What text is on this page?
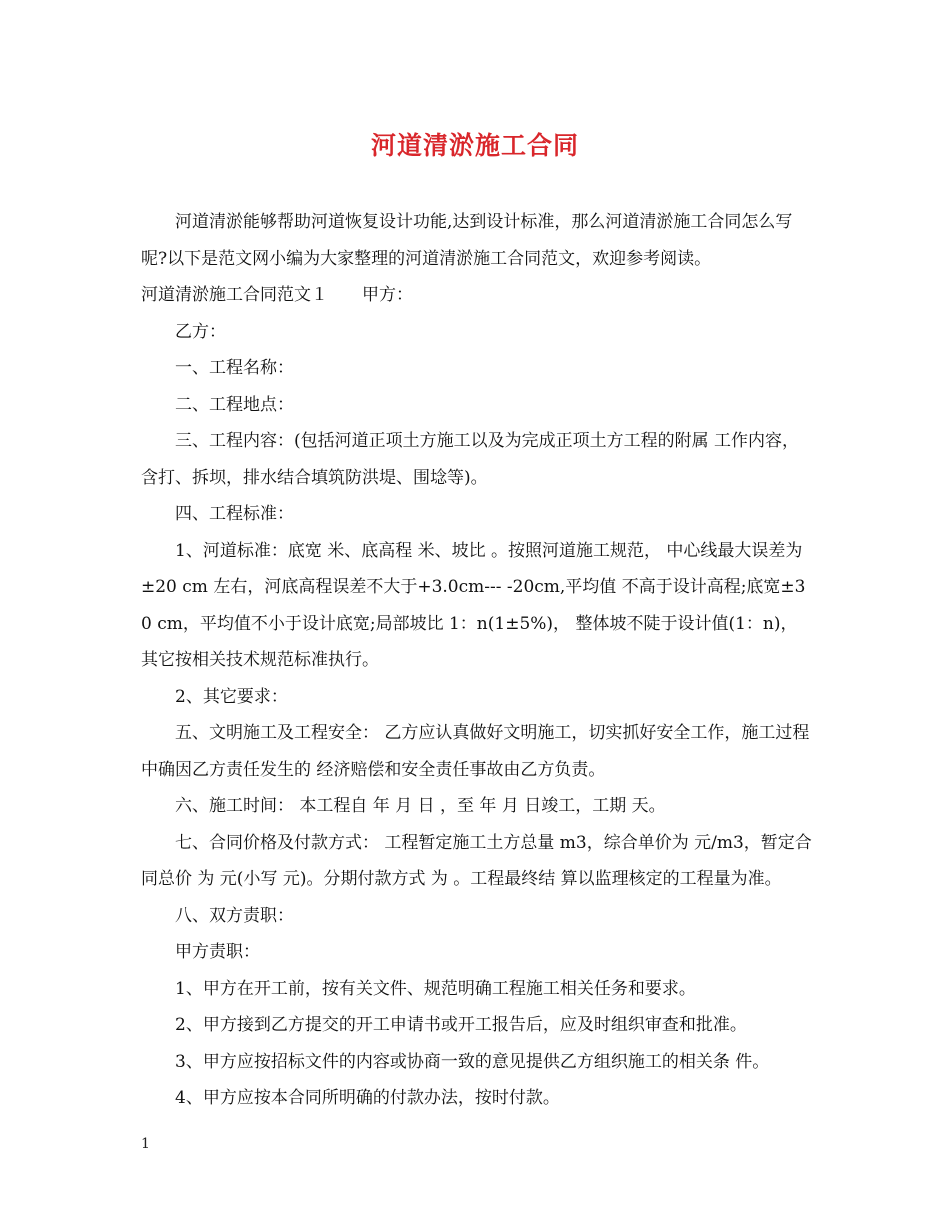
河道清淤施工合同

河道清淤能够帮助河道恢复设计功能,达到设计标准，那么河道清淤施工合同怎么写呢?以下是范文网小编为大家整理的河道清淤施工合同范文，欢迎参考阅读。

河道清淤施工合同范文１　　甲方：

乙方：

一、工程名称：

二、工程地点：

三、工程内容：(包括河道正项土方施工以及为完成正项土方工程的附属 工作内容，含打、拆坝，排水结合填筑防洪堤、围埝等)。

四、工程标准：

1、河道标准：底宽 米、底高程 米、坡比 。按照河道施工规范， 中心线最大误差为±20 cm 左右，河底高程误差不大于+3.0cm--- -20cm,平均值 不高于设计高程;底宽±30 cm，平均值不小于设计底宽;局部坡比 1：n(1±5%)， 整体坡不陡于设计值(1：n)，其它按相关技术规范标准执行。

2、其它要求：

五、文明施工及工程安全： 乙方应认真做好文明施工，切实抓好安全工作，施工过程中确因乙方责任发生的 经济赔偿和安全责任事故由乙方负责。

六、施工时间： 本工程自 年 月 日 ，至 年 月 日竣工，工期 天。

七、合同价格及付款方式： 工程暂定施工土方总量 m3，综合单价为 元/m3，暂定合同总价 为 元(小写 元)。分期付款方式 为 。工程最终结 算以监理核定的工程量为准。

八、双方责职：

甲方责职：

1、甲方在开工前，按有关文件、规范明确工程施工相关任务和要求。

2、甲方接到乙方提交的开工申请书或开工报告后，应及时组织审查和批准。

3、甲方应按招标文件的内容或协商一致的意见提供乙方组织施工的相关条 件。

4、甲方应按本合同所明确的付款办法，按时付款。

1
